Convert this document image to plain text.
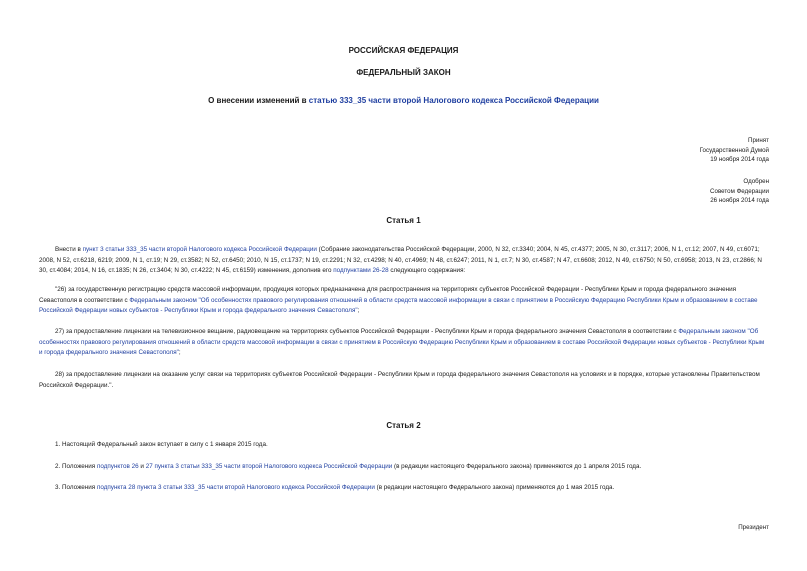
РОССИЙСКАЯ ФЕДЕРАЦИЯ
ФЕДЕРАЛЬНЫЙ ЗАКОН
О внесении изменений в статью 333_35 части второй Налогового кодекса Российской Федерации
Принят
Государственной Думой
19 ноября 2014 года
Одобрен
Советом Федерации
26 ноября 2014 года
Статья 1
Внести в пункт 3 статьи 333_35 части второй Налогового кодекса Российской Федерации (Собрание законодательства Российской Федерации, 2000, N 32, ст.3340; 2004, N 45, ст.4377; 2005, N 30, ст.3117; 2006, N 1, ст.12; 2007, N 49, ст.6071; 2008, N 52, ст.6218, 6219; 2009, N 1, ст.19; N 29, ст.3582; N 52, ст.6450; 2010, N 15, ст.1737; N 19, ст.2291; N 32, ст.4298; N 40, ст.4969; N 48, ст.6247; 2011, N 1, ст.7; N 30, ст.4587; N 47, ст.6608; 2012, N 49, ст.6750; N 50, ст.6958; 2013, N 23, ст.2866; N 30, ст.4084; 2014, N 16, ст.1835; N 26, ст.3404; N 30, ст.4222; N 45, ст.6159) изменения, дополнив его подпунктами 26-28 следующего содержания:
"26) за государственную регистрацию средств массовой информации, продукция которых предназначена для распространения на территориях субъектов Российской Федерации - Республики Крым и города федерального значения Севастополя в соответствии с Федеральным законом "Об особенностях правового регулирования отношений в области средств массовой информации в связи с принятием в Российскую Федерацию Республики Крым и образованием в составе Российской Федерации новых субъектов - Республики Крым и города федерального значения Севастополя";
27) за предоставление лицензии на телевизионное вещание, радиовещание на территориях субъектов Российской Федерации - Республики Крым и города федерального значения Севастополя в соответствии с Федеральным законом "Об особенностях правового регулирования отношений в области средств массовой информации в связи с принятием в Российскую Федерацию Республики Крым и образованием в составе Российской Федерации новых субъектов - Республики Крым и города федерального значения Севастополя";
28) за предоставление лицензии на оказание услуг связи на территориях субъектов Российской Федерации - Республики Крым и города федерального значения Севастополя на условиях и в порядке, которые установлены Правительством Российской Федерации.".
Статья 2
1. Настоящий Федеральный закон вступает в силу с 1 января 2015 года.
2. Положения подпунктов 26 и 27 пункта 3 статьи 333_35 части второй Налогового кодекса Российской Федерации (в редакции настоящего Федерального закона) применяются до 1 апреля 2015 года.
3. Положения подпункта 28 пункта 3 статьи 333_35 части второй Налогового кодекса Российской Федерации (в редакции настоящего Федерального закона) применяются до 1 мая 2015 года.
Президент
